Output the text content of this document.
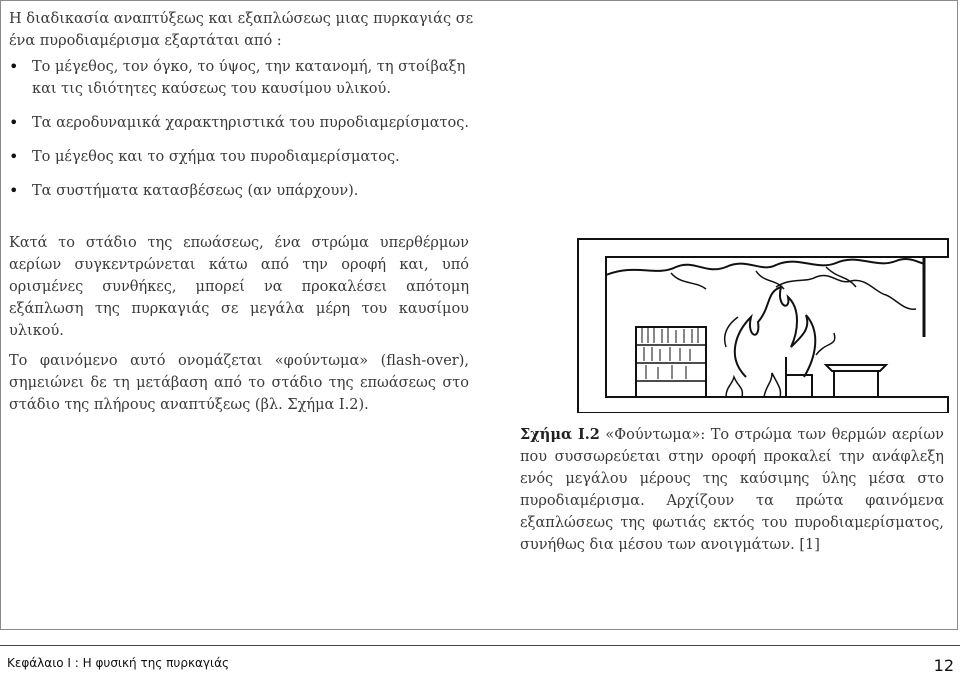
Η διαδικασία αναπτύξεως και εξαπλώσεως μιας πυρκαγιάς σε ένα πυροδιαμέρισμα εξαρτάται από :
• Το μέγεθος, τον όγκο, το ύψος, την κατανομή, τη στοίβαξη και τις ιδιότητες καύσεως του καυσίμου υλικού.
• Τα αεροδυναμικά χαρακτηριστικά του πυροδιαμερίσματος.
• Το μέγεθος και το σχήμα του πυροδιαμερίσματος.
• Τα συστήματα κατασβέσεως (αν υπάρχουν).

Κατά το στάδιο της επωάσεως, ένα στρώμα υπερθέρμων αερίων συγκεντρώνεται κάτω από την οροφή και, υπό ορισμένες συνθήκες, μπορεί να προκαλέσει απότομη εξάπλωση της πυρκαγιάς σε μεγάλα μέρη του καυσίμου υλικού.

Το φαινόμενο αυτό ονομάζεται «φούντωμα» (flash-over), σημειώνει δε τη μετάβαση από το στάδιο της επωάσεως στο στάδιο της πλήρους αναπτύξεως (βλ. Σχήμα Ι.2).

Σχήμα Ι.2 «Φούντωμα»: Το στρώμα των θερμών αερίων που συσσωρεύεται στην οροφή προκαλεί την ανάφλεξη ενός μεγάλου μέρους της καύσιμης ύλης μέσα στο πυροδιαμέρισμα. Αρχίζουν τα πρώτα φαινόμενα εξαπλώσεως της φωτιάς εκτός του πυροδιαμερίσματος, συνήθως δια μέσου των ανοιγμάτων. [1]

Κεφάλαιο Ι : Η φυσική της πυρκαγιάς	12
